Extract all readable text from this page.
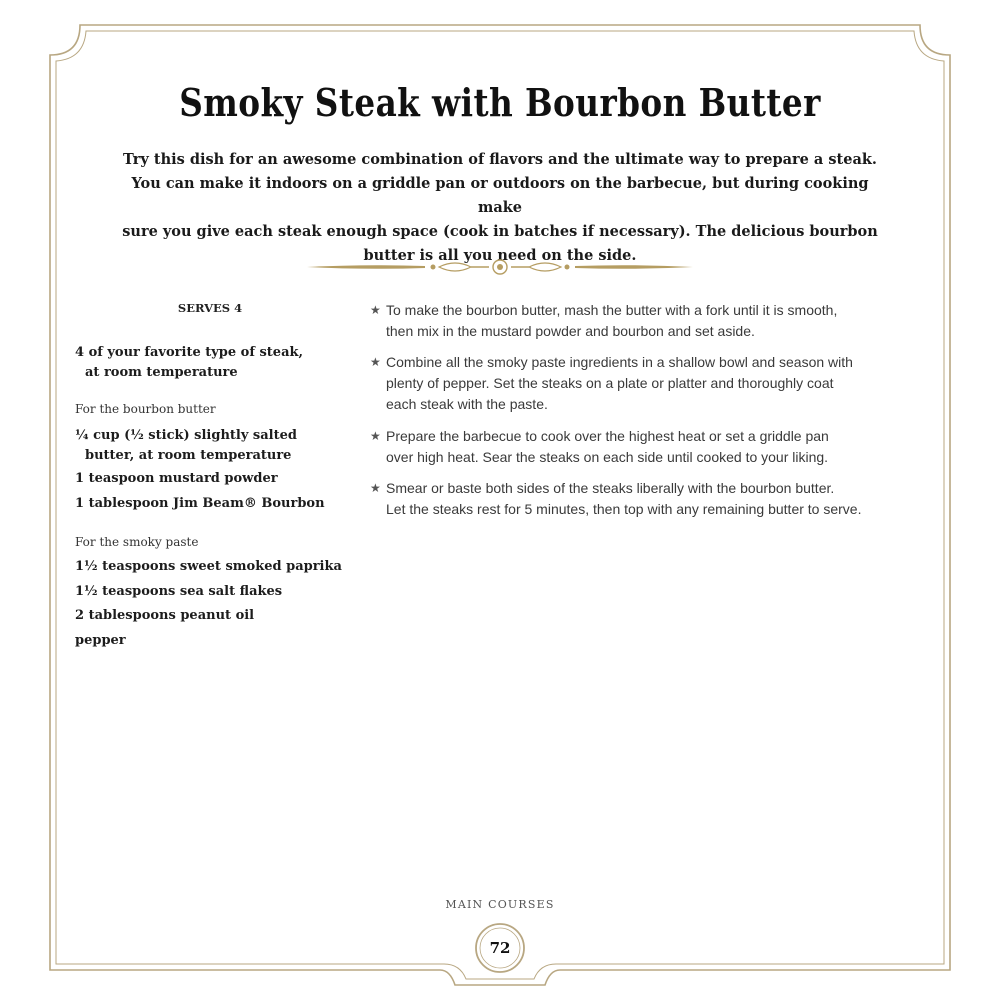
Smoky Steak with Bourbon Butter
Try this dish for an awesome combination of flavors and the ultimate way to prepare a steak.
You can make it indoors on a griddle pan or outdoors on the barbecue, but during cooking make
sure you give each steak enough space (cook in batches if necessary). The delicious bourbon
butter is all you need on the side.
SERVES 4
4 of your favorite type of steak,
at room temperature
For the bourbon butter
¼ cup (½ stick) slightly salted
butter, at room temperature
1 teaspoon mustard powder
1 tablespoon Jim Beam® Bourbon
For the smoky paste
1½ teaspoons sweet smoked paprika
1½ teaspoons sea salt flakes
2 tablespoons peanut oil
pepper
★ To make the bourbon butter, mash the butter with a fork until it is smooth,
then mix in the mustard powder and bourbon and set aside.
★ Combine all the smoky paste ingredients in a shallow bowl and season with
plenty of pepper. Set the steaks on a plate or platter and thoroughly coat
each steak with the paste.
★ Prepare the barbecue to cook over the highest heat or set a griddle pan
over high heat. Sear the steaks on each side until cooked to your liking.
★ Smear or baste both sides of the steaks liberally with the bourbon butter.
Let the steaks rest for 5 minutes, then top with any remaining butter to serve.
MAIN COURSES
72
